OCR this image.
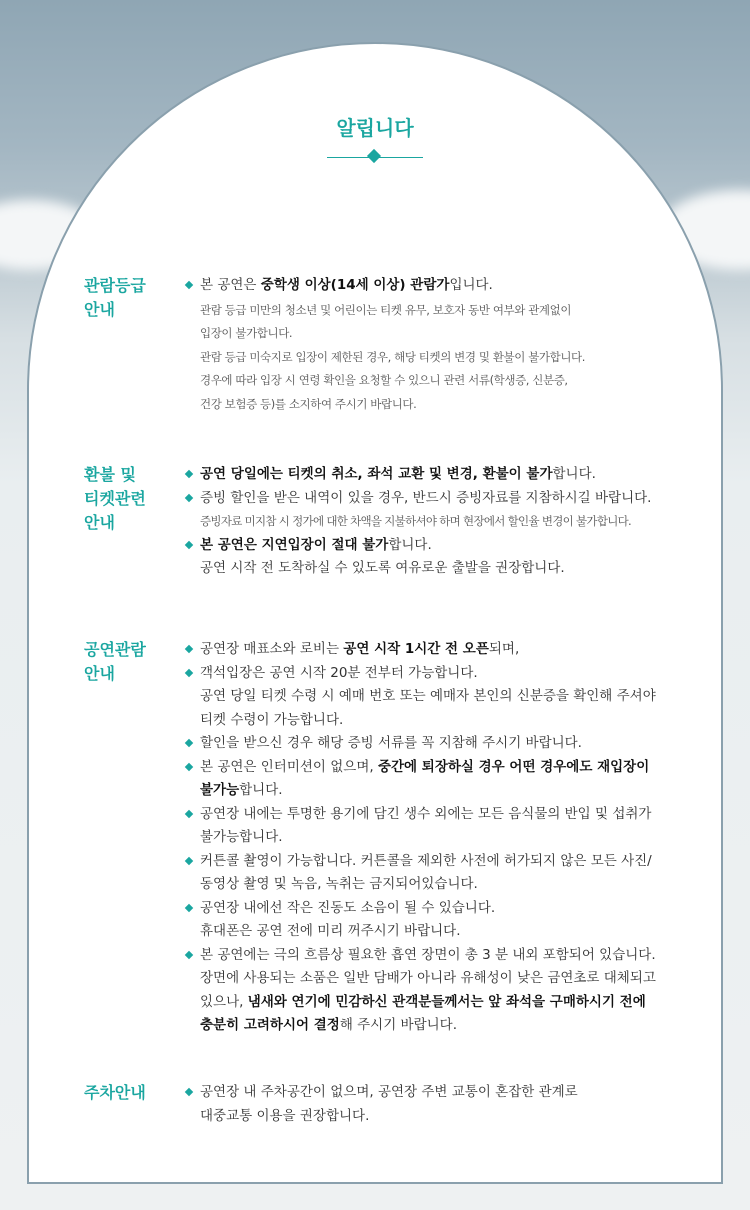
알립니다
관람등급
안내
본 공연은 중학생 이상(14세 이상) 관람가입니다.
관람 등급 미만의 청소년 및 어린이는 티켓 유무, 보호자 동반 여부와 관계없이
입장이 불가합니다.
관람 등급 미숙지로 입장이 제한된 경우, 해당 티켓의 변경 및 환불이 불가합니다.
경우에 따라 입장 시 연령 확인을 요청할 수 있으니 관련 서류(학생증, 신분증,
건강 보험증 등)를 소지하여 주시기 바랍니다.
환불 및
티켓관련
안내
공연 당일에는 티켓의 취소, 좌석 교환 및 변경, 환불이 불가합니다.
증빙 할인을 받은 내역이 있을 경우, 반드시 증빙자료를 지참하시길 바랍니다.
증빙자료 미지참 시 정가에 대한 차액을 지불하셔야 하며 현장에서 할인율 변경이 불가합니다.
본 공연은 지연입장이 절대 불가합니다.
공연 시작 전 도착하실 수 있도록 여유로운 출발을 권장합니다.
공연관람
안내
공연장 매표소와 로비는 공연 시작 1시간 전 오픈되며,
객석입장은 공연 시작 20분 전부터 가능합니다.
공연 당일 티켓 수령 시 예매 번호 또는 예매자 본인의 신분증을 확인해 주셔야
티켓 수령이 가능합니다.
할인을 받으신 경우 해당 증빙 서류를 꼭 지참해 주시기 바랍니다.
본 공연은 인터미션이 없으며, 중간에 퇴장하실 경우 어떤 경우에도 재입장이
불가능합니다.
공연장 내에는 투명한 용기에 담긴 생수 외에는 모든 음식물의 반입 및 섭취가
불가능합니다.
커튼콜 촬영이 가능합니다. 커튼콜을 제외한 사전에 허가되지 않은 모든 사진/
동영상 촬영 및 녹음, 녹취는 금지되어있습니다.
공연장 내에선 작은 진동도 소음이 될 수 있습니다.
휴대폰은 공연 전에 미리 꺼주시기 바랍니다.
본 공연에는 극의 흐름상 필요한 흡연 장면이 총 3 분 내외 포함되어 있습니다.
장면에 사용되는 소품은 일반 담배가 아니라 유해성이 낮은 금연초로 대체되고
있으나, 냄새와 연기에 민감하신 관객분들께서는 앞 좌석을 구매하시기 전에
충분히 고려하시어 결정해 주시기 바랍니다.
주차안내	공연장 내 주차공간이 없으며, 공연장 주변 교통이 혼잡한 관계로
대중교통 이용을 권장합니다.
